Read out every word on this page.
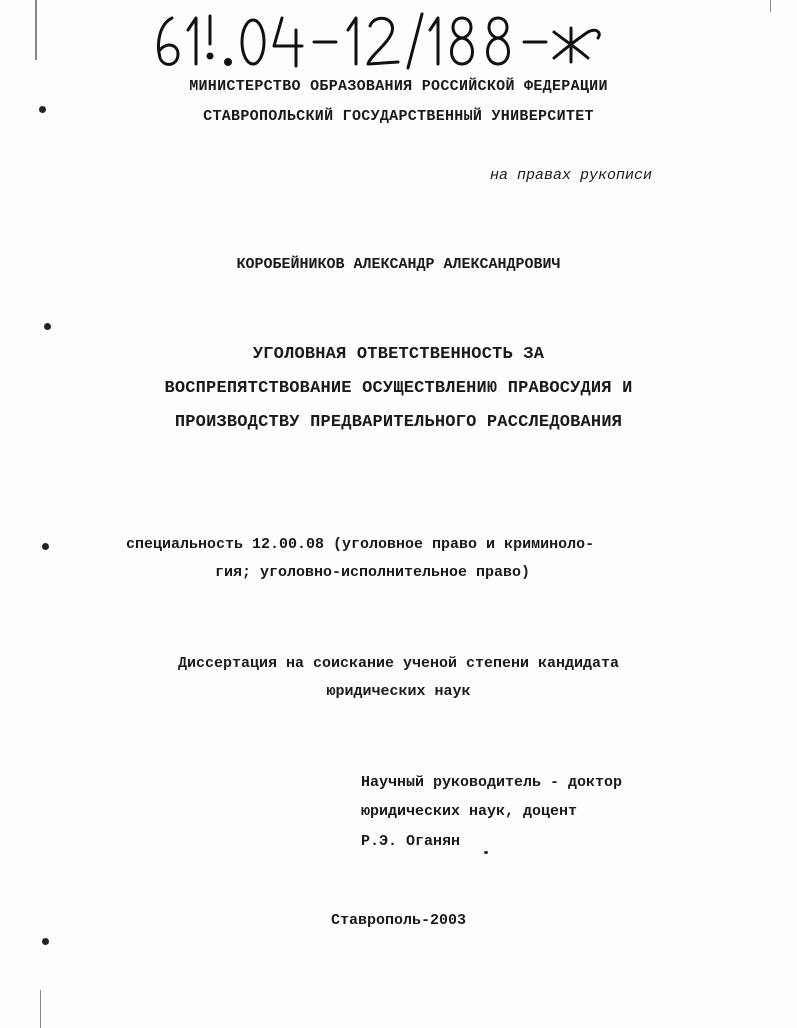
МИНИСТЕРСТВО ОБРАЗОВАНИЯ РОССИЙСКОЙ ФЕДЕРАЦИИ
СТАВРОПОЛЬСКИЙ ГОСУДАРСТВЕННЫЙ УНИВЕРСИТЕТ
на правах рукописи
КОРОБЕЙНИКОВ АЛЕКСАНДР АЛЕКСАНДРОВИЧ
УГОЛОВНАЯ ОТВЕТСТВЕННОСТЬ ЗА
ВОСПРЕПЯТСТВОВАНИЕ ОСУЩЕСТВЛЕНИЮ ПРАВОСУДИЯ И
ПРОИЗВОДСТВУ ПРЕДВАРИТЕЛЬНОГО РАССЛЕДОВАНИЯ
специальность 12.00.08 (уголовное право и криминоло-
гия; уголовно-исполнительное право)
Диссертация на соискание ученой степени кандидата
юридических наук
Научный руководитель - доктор
юридических наук, доцент
Р.Э. Оганян
Ставрополь-2003
